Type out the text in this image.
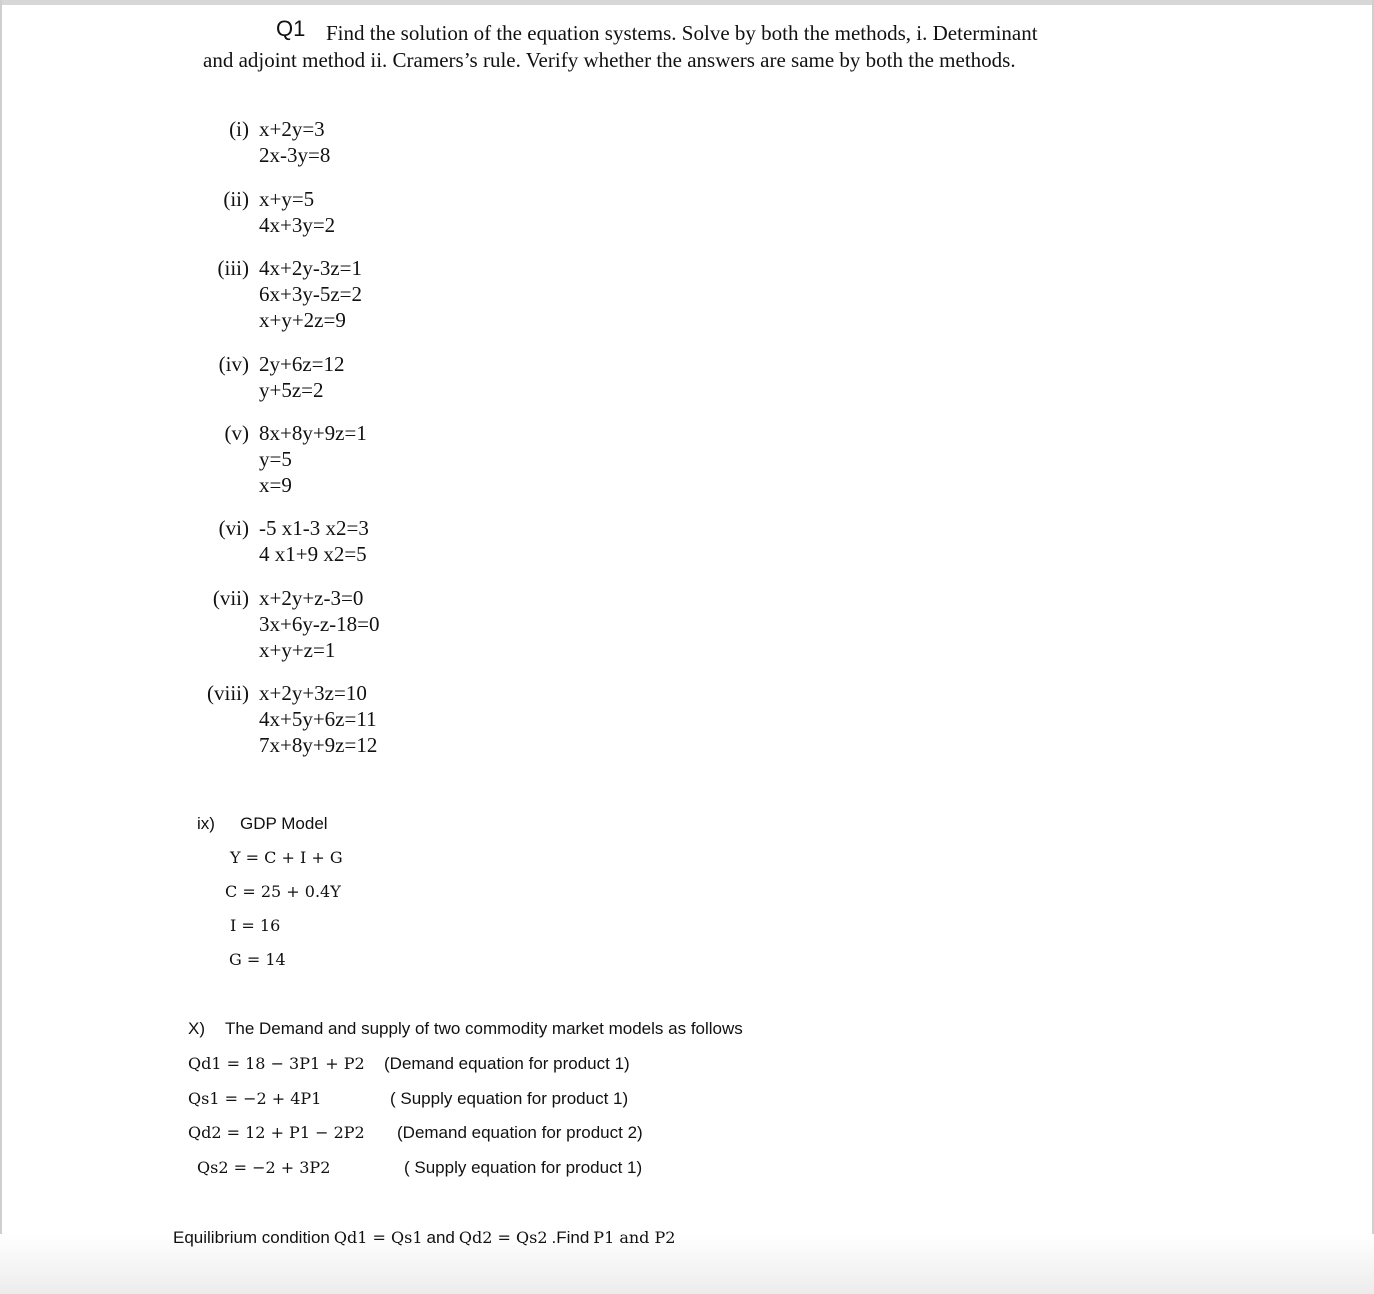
Q1 Find the solution of the equation systems. Solve by both the methods, i. Determinant
and adjoint method ii. Cramers’s rule. Verify whether the answers are same by both the methods.
(i) x+2y=3
2x-3y=8
(ii) x+y=5
4x+3y=2
(iii) 4x+2y-3z=1
6x+3y-5z=2
x+y+2z=9
(iv) 2y+6z=12
y+5z=2
(v) 8x+8y+9z=1
y=5
x=9
(vi) -5 x1-3 x2=3
4 x1+9 x2=5
(vii) x+2y+z-3=0
3x+6y-z-18=0
x+y+z=1
(viii) x+2y+3z=10
4x+5y+6z=11
7x+8y+9z=12
ix) GDP Model
Y = C + I + G
C = 25 + 0.4Y
I = 16
G = 14
X) The Demand and supply of two commodity market models as follows
Qd1 = 18 − 3P1 + P2 (Demand equation for product 1)
Qs1 = −2 + 4P1	( Supply equation for product 1)
Qd2 = 12 + P1 − 2P2 (Demand equation for product 2)
Qs2 = −2 + 3P2	( Supply equation for product 1)
Equilibrium condition Qd1 = Qs1 and Qd2 = Qs2 .Find P1 and P2
